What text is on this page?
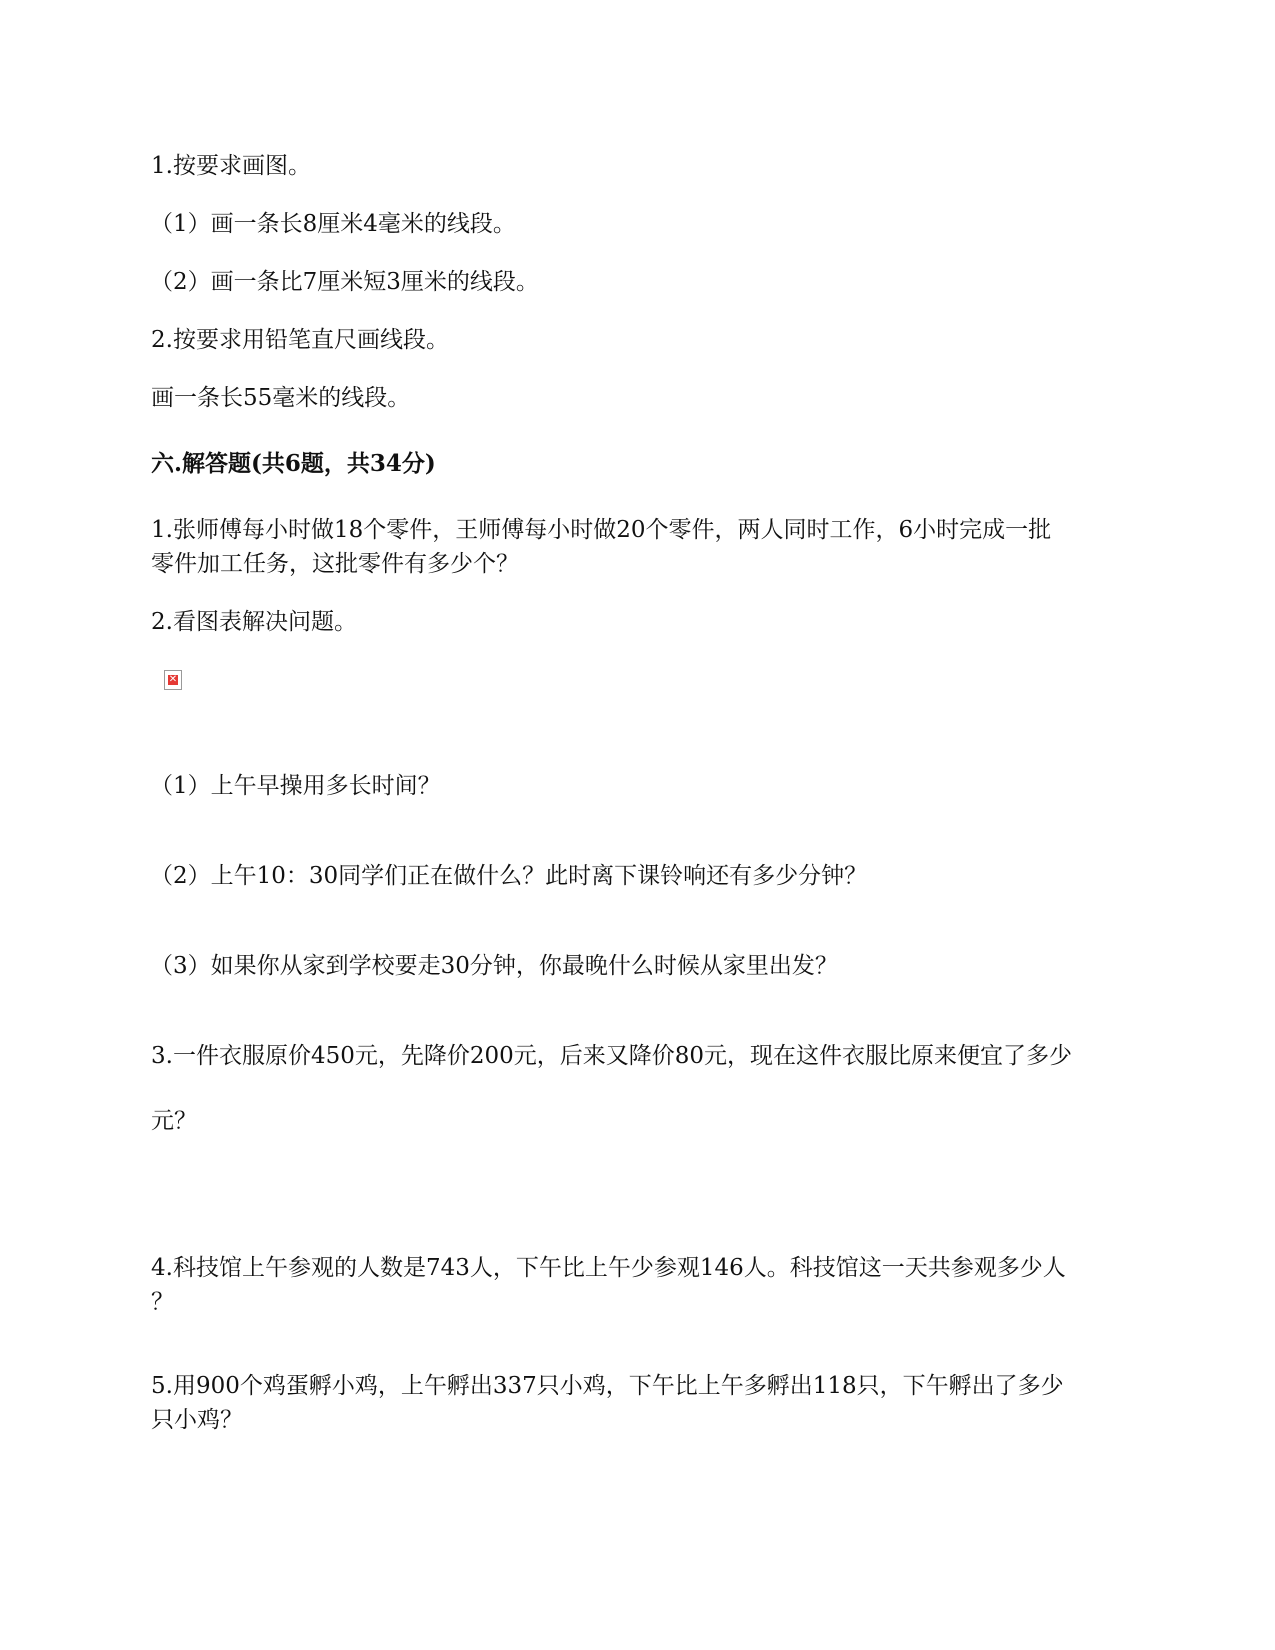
1.按要求画图。
（1）画一条长8厘米4毫米的线段。
（2）画一条比7厘米短3厘米的线段。
2.按要求用铅笔直尺画线段。
画一条长55毫米的线段。
六.解答题(共6题，共34分)
1.张师傅每小时做18个零件，王师傅每小时做20个零件，两人同时工作，6小时完成一批
零件加工任务，这批零件有多少个？
2.看图表解决问题。
✕
（1）上午早操用多长时间？
（2）上午10：30同学们正在做什么？此时离下课铃响还有多少分钟？
（3）如果你从家到学校要走30分钟，你最晚什么时候从家里出发？
3.一件衣服原价450元，先降价200元，后来又降价80元，现在这件衣服比原来便宜了多少
元？
4.科技馆上午参观的人数是743人，下午比上午少参观146人。科技馆这一天共参观多少人
？
5.用900个鸡蛋孵小鸡，上午孵出337只小鸡，下午比上午多孵出118只，下午孵出了多少
只小鸡？
